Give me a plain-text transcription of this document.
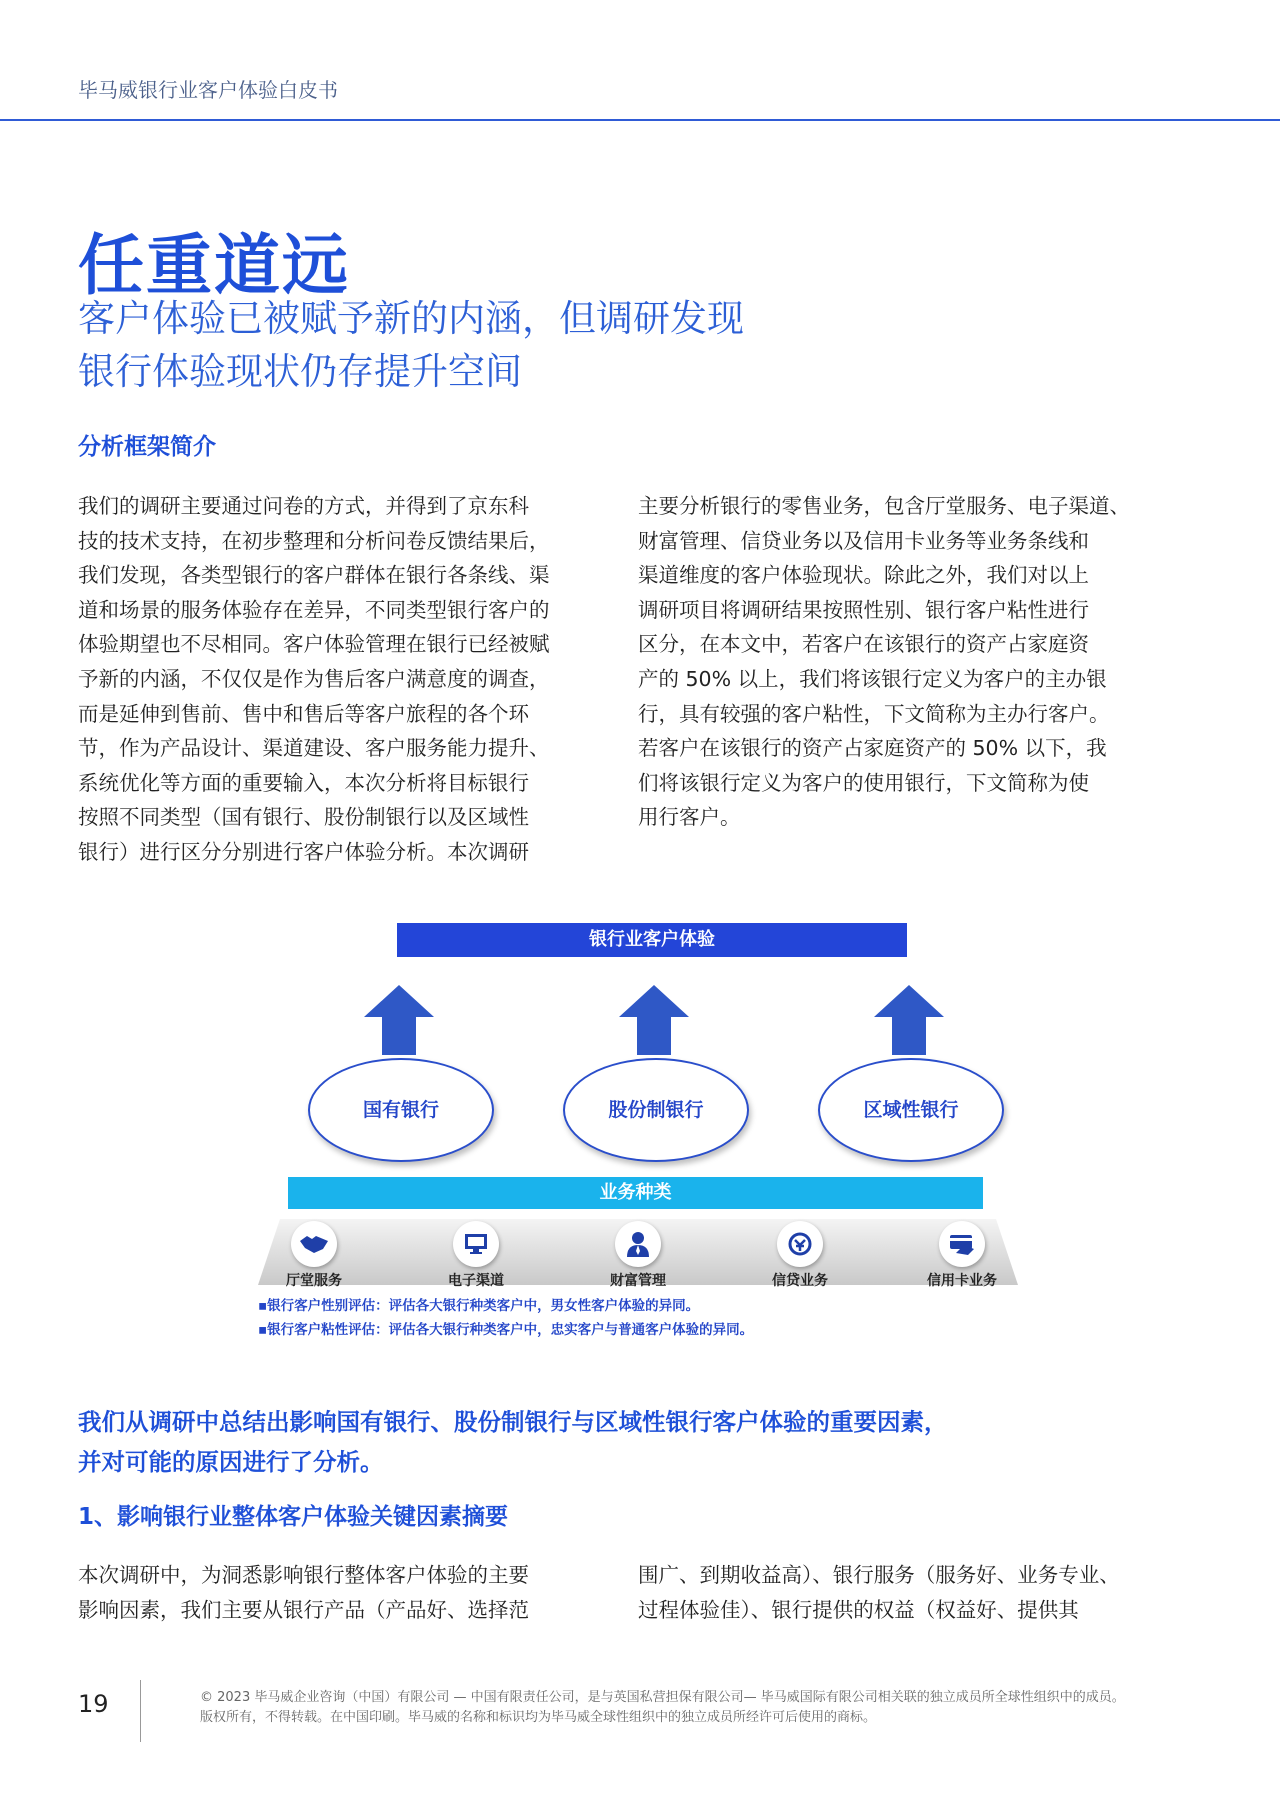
毕马威银行业客户体验白皮书
任重道远
客户体验已被赋予新的内涵，但调研发现
银行体验现状仍存提升空间
分析框架简介
我们的调研主要通过问卷的方式，并得到了京东科
技的技术支持，在初步整理和分析问卷反馈结果后，
我们发现，各类型银行的客户群体在银行各条线、渠
道和场景的服务体验存在差异，不同类型银行客户的
体验期望也不尽相同。客户体验管理在银行已经被赋
予新的内涵，不仅仅是作为售后客户满意度的调查，
而是延伸到售前、售中和售后等客户旅程的各个环
节，作为产品设计、渠道建设、客户服务能力提升、
系统优化等方面的重要输入，本次分析将目标银行
按照不同类型（国有银行、股份制银行以及区域性
银行）进行区分分别进行客户体验分析。本次调研
主要分析银行的零售业务，包含厅堂服务、电子渠道、
财富管理、信贷业务以及信用卡业务等业务条线和
渠道维度的客户体验现状。除此之外，我们对以上
调研项目将调研结果按照性别、银行客户粘性进行
区分，在本文中，若客户在该银行的资产占家庭资
产的 50% 以上，我们将该银行定义为客户的主办银
行，具有较强的客户粘性，下文简称为主办行客户。
若客户在该银行的资产占家庭资产的 50% 以下，我
们将该银行定义为客户的使用银行，下文简称为使
用行客户。
银行业客户体验
国有银行	股份制银行	区域性银行
业务种类
厅堂服务	电子渠道	财富管理	信贷业务	信用卡业务
▪银行客户性别评估：评估各大银行种类客户中，男女性客户体验的异同。
▪银行客户粘性评估：评估各大银行种类客户中，忠实客户与普通客户体验的异同。
我们从调研中总结出影响国有银行、股份制银行与区域性银行客户体验的重要因素，
并对可能的原因进行了分析。
1、影响银行业整体客户体验关键因素摘要
本次调研中，为洞悉影响银行整体客户体验的主要
影响因素，我们主要从银行产品（产品好、选择范
围广、到期收益高）、银行服务（服务好、业务专业、
过程体验佳）、银行提供的权益（权益好、提供其
19	© 2023 毕马威企业咨询（中国）有限公司 — 中国有限责任公司，是与英国私营担保有限公司— 毕马威国际有限公司相关联的独立成员所全球性组织中的成员。
版权所有，不得转载。在中国印刷。毕马威的名称和标识均为毕马威全球性组织中的独立成员所经许可后使用的商标。
